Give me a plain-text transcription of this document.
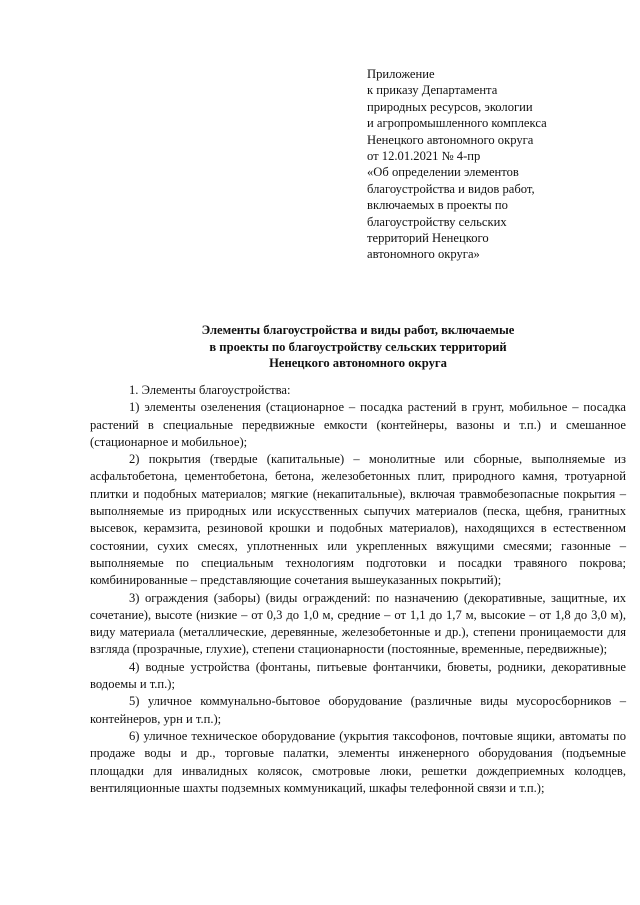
Приложение
к приказу Департамента
природных ресурсов, экологии
и агропромышленного комплекса
Ненецкого автономного округа
от 12.01.2021 № 4-пр
«Об определении элементов
благоустройства и видов работ,
включаемых в проекты по
благоустройству сельских
территорий Ненецкого
автономного округа»
Элементы благоустройства и виды работ, включаемые
в проекты по благоустройству сельских территорий
Ненецкого автономного округа

1. Элементы благоустройства:

1) элементы озеленения (стационарное – посадка растений в грунт, мобильное – посадка растений в специальные передвижные емкости (контейнеры, вазоны и т.п.) и смешанное (стационарное и мобильное);

2) покрытия (твердые (капитальные) – монолитные или сборные, выполняемые из асфальтобетона, цементобетона, бетона, железобетонных плит, природного камня, тротуарной плитки и подобных материалов; мягкие (некапитальные), включая травмобезопасные покрытия – выполняемые из природных или искусственных сыпучих материалов (песка, щебня, гранитных высевок, керамзита, резиновой крошки и подобных материалов), находящихся в естественном состоянии, сухих смесях, уплотненных или укрепленных вяжущими смесями; газонные – выполняемые по специальным технологиям подготовки и посадки травяного покрова; комбинированные – представляющие сочетания вышеуказанных покрытий);

3) ограждения (заборы) (виды ограждений: по назначению (декоративные, защитные, их сочетание), высоте (низкие – от 0,3 до 1,0 м, средние – от 1,1 до 1,7 м, высокие – от 1,8 до 3,0 м), виду материала (металлические, деревянные, железобетонные и др.), степени проницаемости для взгляда (прозрачные, глухие), степени стационарности (постоянные, временные, передвижные);

4) водные устройства (фонтаны, питьевые фонтанчики, бюветы, родники, декоративные водоемы и т.п.);

5) уличное коммунально-бытовое оборудование (различные виды мусоросборников – контейнеров, урн и т.п.);

6) уличное техническое оборудование (укрытия таксофонов, почтовые ящики, автоматы по продаже воды и др., торговые палатки, элементы инженерного оборудования (подъемные площадки для инвалидных колясок, смотровые люки, решетки дождеприемных колодцев, вентиляционные шахты подземных коммуникаций, шкафы телефонной связи и т.п.);
